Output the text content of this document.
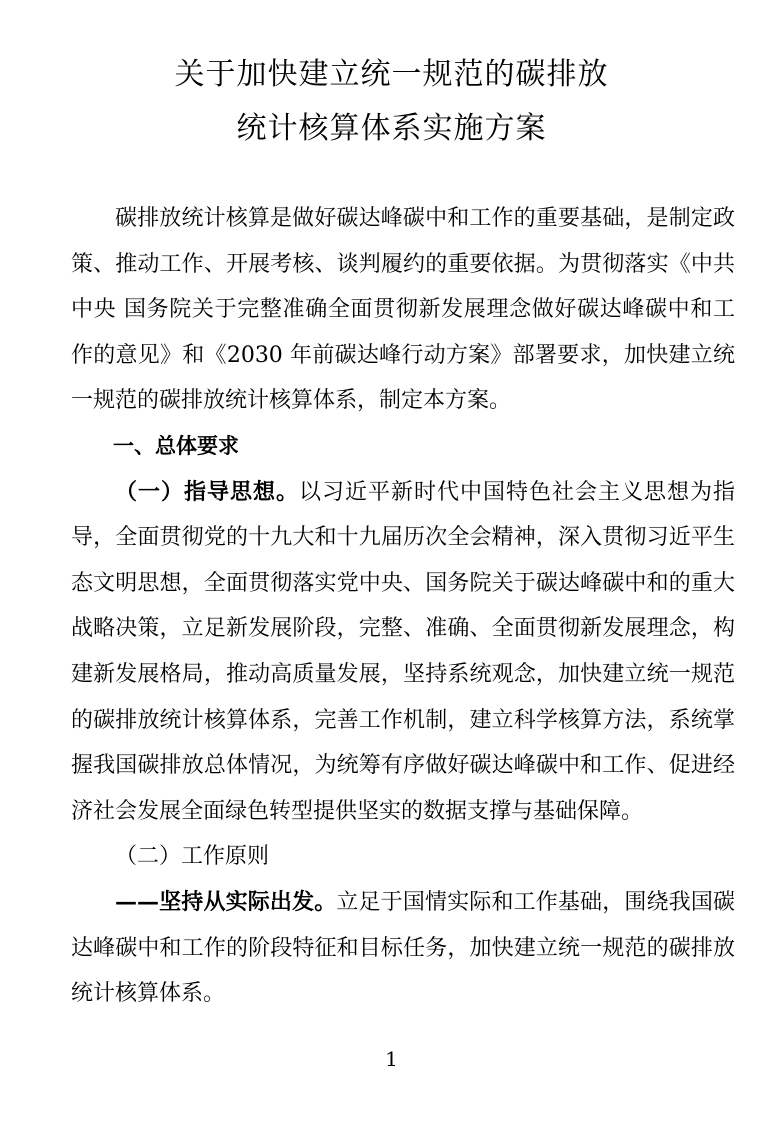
关于加快建立统一规范的碳排放
统计核算体系实施方案

碳排放统计核算是做好碳达峰碳中和工作的重要基础，是制定政策、推动工作、开展考核、谈判履约的重要依据。为贯彻落实《中共中央 国务院关于完整准确全面贯彻新发展理念做好碳达峰碳中和工作的意见》和《2030 年前碳达峰行动方案》部署要求，加快建立统一规范的碳排放统计核算体系，制定本方案。

一、总体要求

（一）指导思想。以习近平新时代中国特色社会主义思想为指导，全面贯彻党的十九大和十九届历次全会精神，深入贯彻习近平生态文明思想，全面贯彻落实党中央、国务院关于碳达峰碳中和的重大战略决策，立足新发展阶段，完整、准确、全面贯彻新发展理念，构建新发展格局，推动高质量发展，坚持系统观念，加快建立统一规范的碳排放统计核算体系，完善工作机制，建立科学核算方法，系统掌握我国碳排放总体情况，为统筹有序做好碳达峰碳中和工作、促进经济社会发展全面绿色转型提供坚实的数据支撑与基础保障。

（二）工作原则

——坚持从实际出发。立足于国情实际和工作基础，围绕我国碳达峰碳中和工作的阶段特征和目标任务，加快建立统一规范的碳排放统计核算体系。

1
